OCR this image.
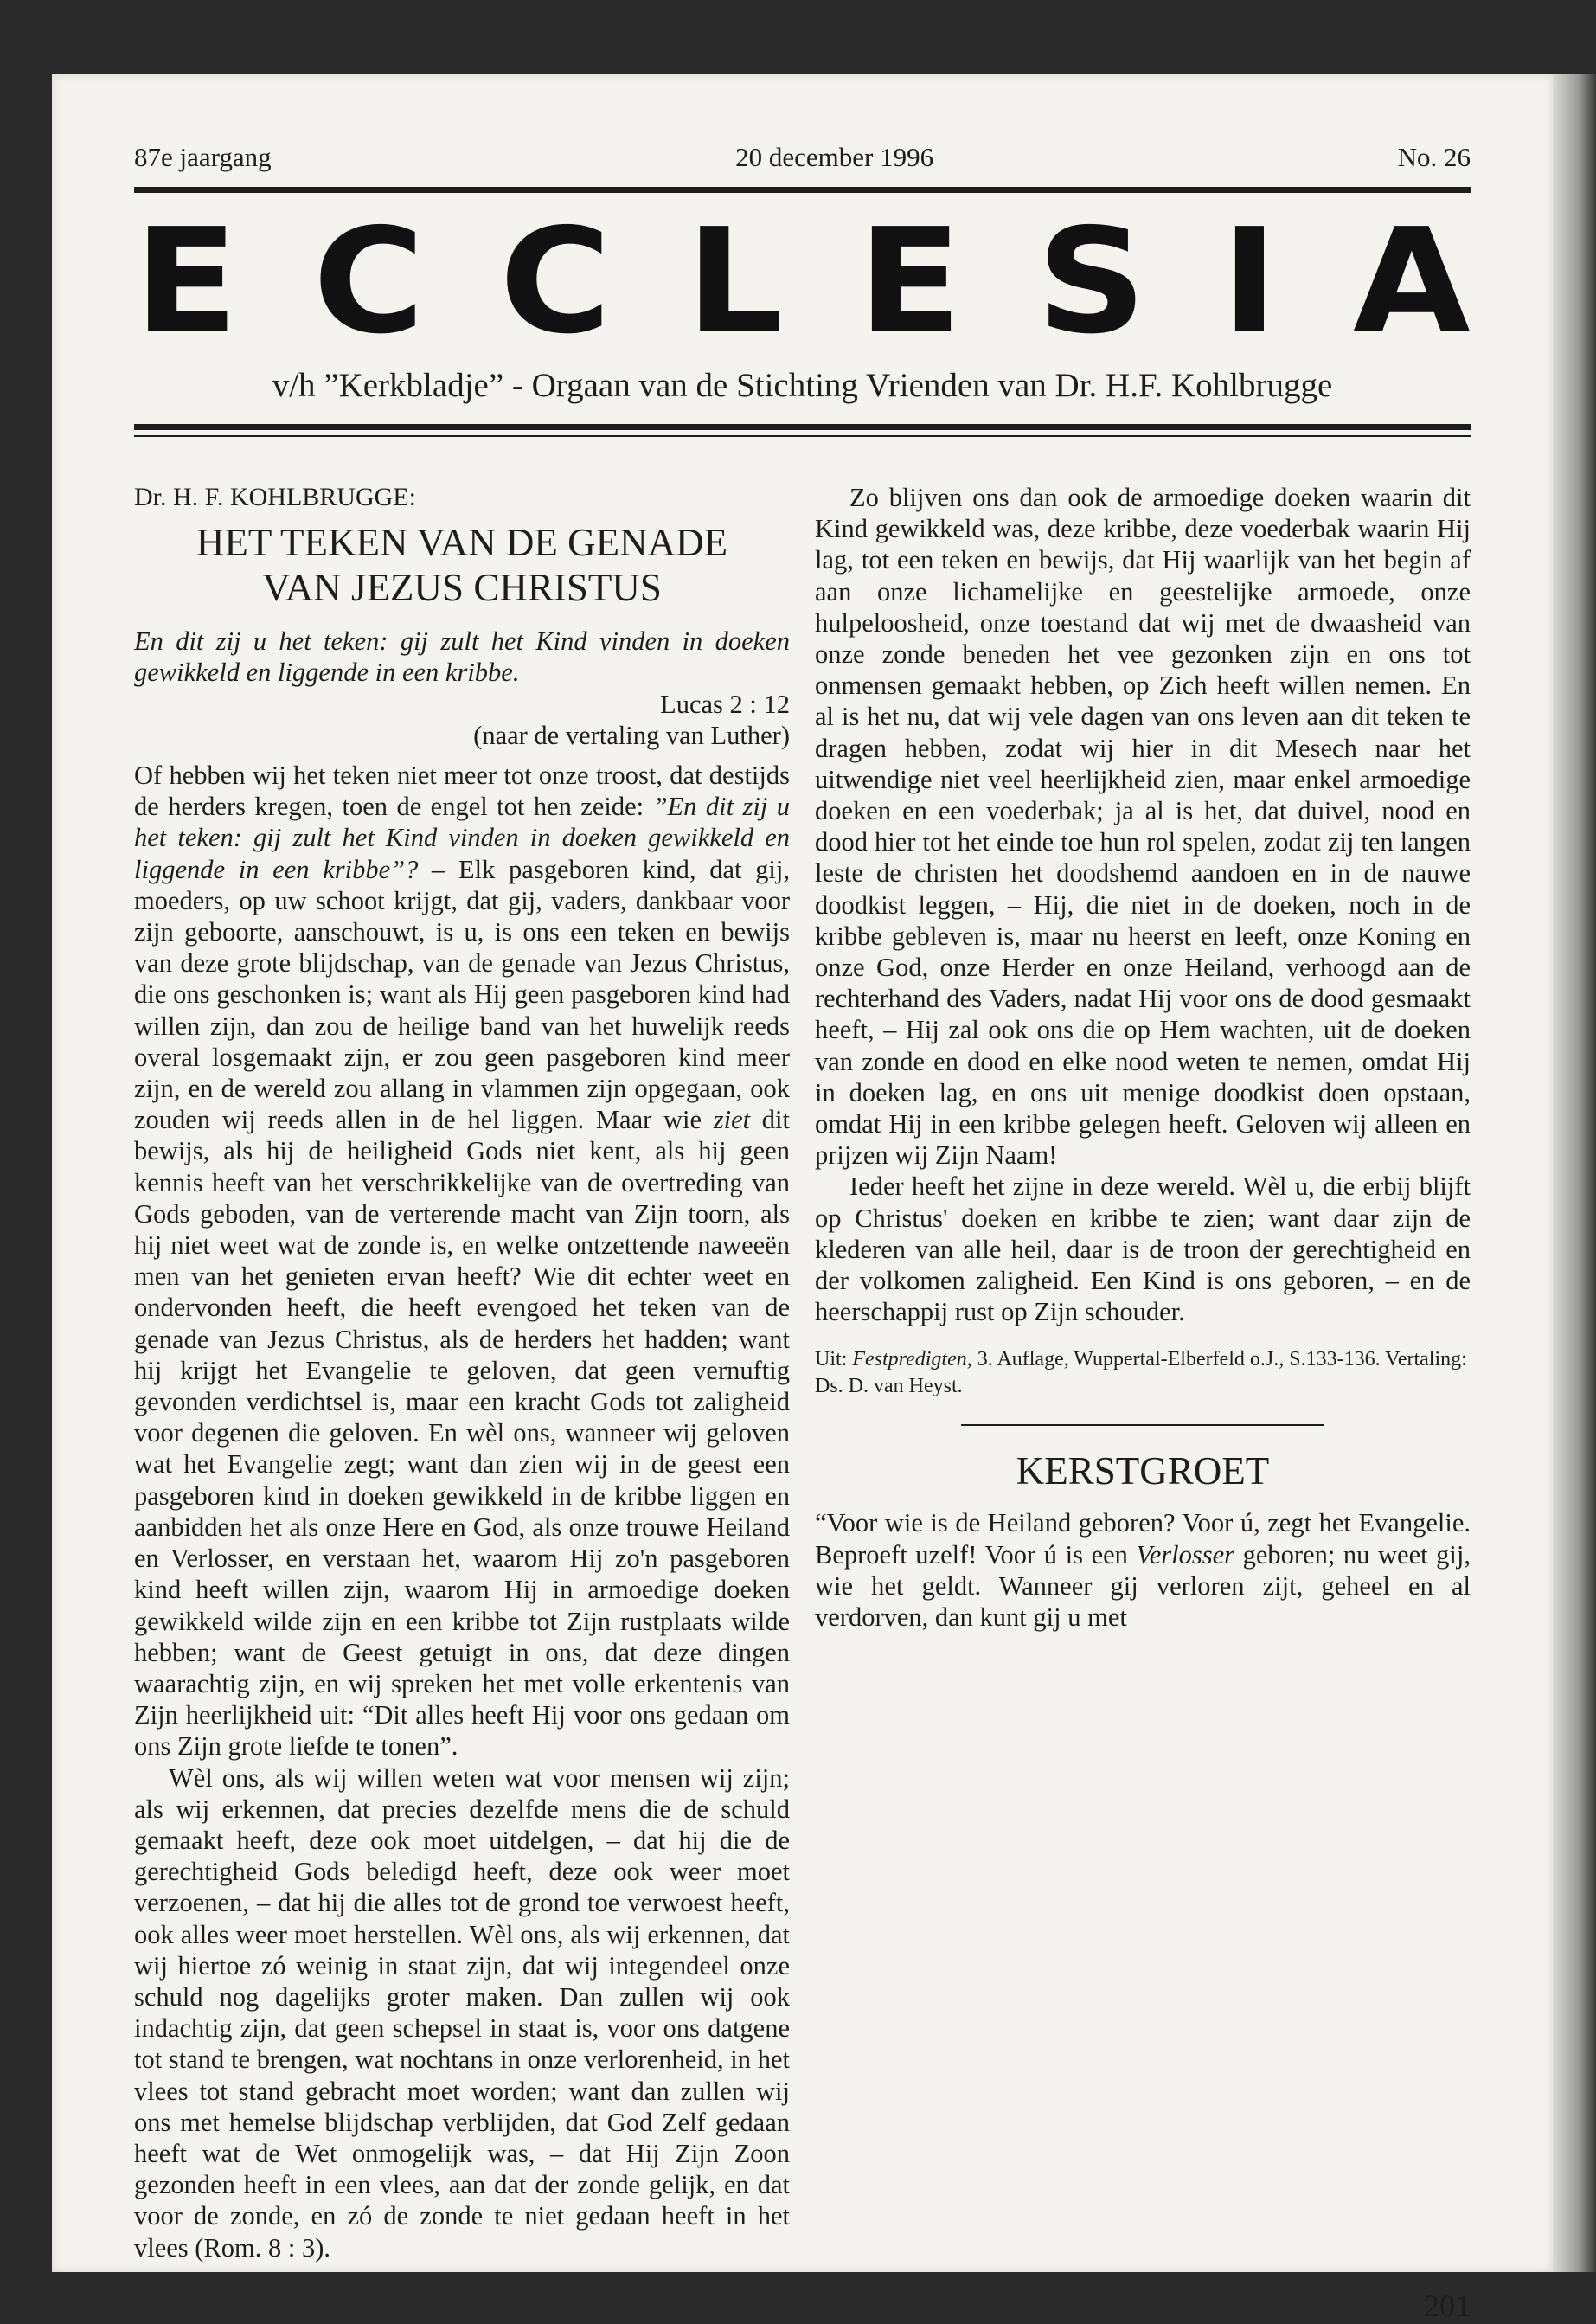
87e jaargang	20 december 1996	No. 26
E C C L E S I A
v/h ”Kerkbladje” - Orgaan van de Stichting Vrienden van Dr. H.F. Kohlbrugge

Dr. H. F. KOHLBRUGGE:

HET TEKEN VAN DE GENADE
VAN JEZUS CHRISTUS

En dit zij u het teken: gij zult het Kind vinden in doeken gewikkeld en liggende in een kribbe.

Lucas 2 : 12

(naar de vertaling van Luther)

Of hebben wij het teken niet meer tot onze troost, dat destijds de herders kregen, toen de engel tot hen zeide: ”En dit zij u het teken: gij zult het Kind vinden in doeken gewikkeld en liggende in een kribbe”? – Elk pasgeboren kind, dat gij, moeders, op uw schoot krijgt, dat gij, vaders, dankbaar voor zijn geboorte, aanschouwt, is u, is ons een teken en bewijs van deze grote blijdschap, van de genade van Jezus Christus, die ons geschonken is; want als Hij geen pasgeboren kind had willen zijn, dan zou de heilige band van het huwelijk reeds overal losgemaakt zijn, er zou geen pasgeboren kind meer zijn, en de wereld zou allang in vlammen zijn opgegaan, ook zouden wij reeds allen in de hel liggen. Maar wie ziet dit bewijs, als hij de heiligheid Gods niet kent, als hij geen kennis heeft van het verschrikkelijke van de overtreding van Gods geboden, van de verterende macht van Zijn toorn, als hij niet weet wat de zonde is, en welke ontzettende naweeën men van het genieten ervan heeft? Wie dit echter weet en ondervonden heeft, die heeft evengoed het teken van de genade van Jezus Christus, als de herders het hadden; want hij krijgt het Evangelie te geloven, dat geen vernuftig gevonden verdichtsel is, maar een kracht Gods tot zaligheid voor degenen die geloven. En wèl ons, wanneer wij geloven wat het Evangelie zegt; want dan zien wij in de geest een pasgeboren kind in doeken gewikkeld in de kribbe liggen en aanbidden het als onze Here en God, als onze trouwe Heiland en Verlosser, en verstaan het, waarom Hij zo'n pasgeboren kind heeft willen zijn, waarom Hij in armoedige doeken gewikkeld wilde zijn en een kribbe tot Zijn rustplaats wilde hebben; want de Geest getuigt in ons, dat deze dingen waarachtig zijn, en wij spreken het met volle erkentenis van Zijn heerlijkheid uit: “Dit alles heeft Hij voor ons gedaan om ons Zijn grote liefde te tonen”.

Wèl ons, als wij willen weten wat voor mensen wij zijn; als wij erkennen, dat precies dezelfde mens die de schuld gemaakt heeft, deze ook moet uitdelgen, – dat hij die de gerechtigheid Gods beledigd heeft, deze ook weer moet verzoenen, – dat hij die alles tot de grond toe verwoest heeft, ook alles weer moet herstellen. Wèl ons, als wij erkennen, dat wij hiertoe zó weinig in staat zijn, dat wij integendeel onze schuld nog dagelijks groter maken. Dan zullen wij ook indachtig zijn, dat geen schepsel in staat is, voor ons datgene tot stand te brengen, wat nochtans in onze verlorenheid, in het vlees tot stand gebracht moet worden; want dan zullen wij ons met hemelse blijdschap verblijden, dat God Zelf gedaan heeft wat de Wet onmogelijk was, – dat Hij Zijn Zoon gezonden heeft in een vlees, aan dat der zonde gelijk, en dat voor de zonde, en zó de zonde te niet gedaan heeft in het vlees (Rom. 8 : 3).

Zo blijven ons dan ook de armoedige doeken waarin dit Kind gewikkeld was, deze kribbe, deze voederbak waarin Hij lag, tot een teken en bewijs, dat Hij waarlijk van het begin af aan onze lichamelijke en geestelijke armoede, onze hulpeloosheid, onze toestand dat wij met de dwaasheid van onze zonde beneden het vee gezonken zijn en ons tot onmensen gemaakt hebben, op Zich heeft willen nemen. En al is het nu, dat wij vele dagen van ons leven aan dit teken te dragen hebben, zodat wij hier in dit Mesech naar het uitwendige niet veel heerlijkheid zien, maar enkel armoedige doeken en een voederbak; ja al is het, dat duivel, nood en dood hier tot het einde toe hun rol spelen, zodat zij ten langen leste de christen het doodshemd aandoen en in de nauwe doodkist leggen, – Hij, die niet in de doeken, noch in de kribbe gebleven is, maar nu heerst en leeft, onze Koning en onze God, onze Herder en onze Heiland, verhoogd aan de rechterhand des Vaders, nadat Hij voor ons de dood gesmaakt heeft, – Hij zal ook ons die op Hem wachten, uit de doeken van zonde en dood en elke nood weten te nemen, omdat Hij in doeken lag, en ons uit menige doodkist doen opstaan, omdat Hij in een kribbe gelegen heeft. Geloven wij alleen en prijzen wij Zijn Naam!

Ieder heeft het zijne in deze wereld. Wèl u, die erbij blijft op Christus' doeken en kribbe te zien; want daar zijn de klederen van alle heil, daar is de troon der gerechtigheid en der volkomen zaligheid. Een Kind is ons geboren, – en de heerschappij rust op Zijn schouder.

Uit: Festpredigten, 3. Auflage, Wuppertal-Elberfeld o.J., S.133-136. Vertaling: Ds. D. van Heyst.

KERSTGROET

“Voor wie is de Heiland geboren? Voor ú, zegt het Evangelie. Beproeft uzelf! Voor ú is een Verlosser geboren; nu weet gij, wie het geldt. Wanneer gij verloren zijt, geheel en al verdorven, dan kunt gij u met

201
